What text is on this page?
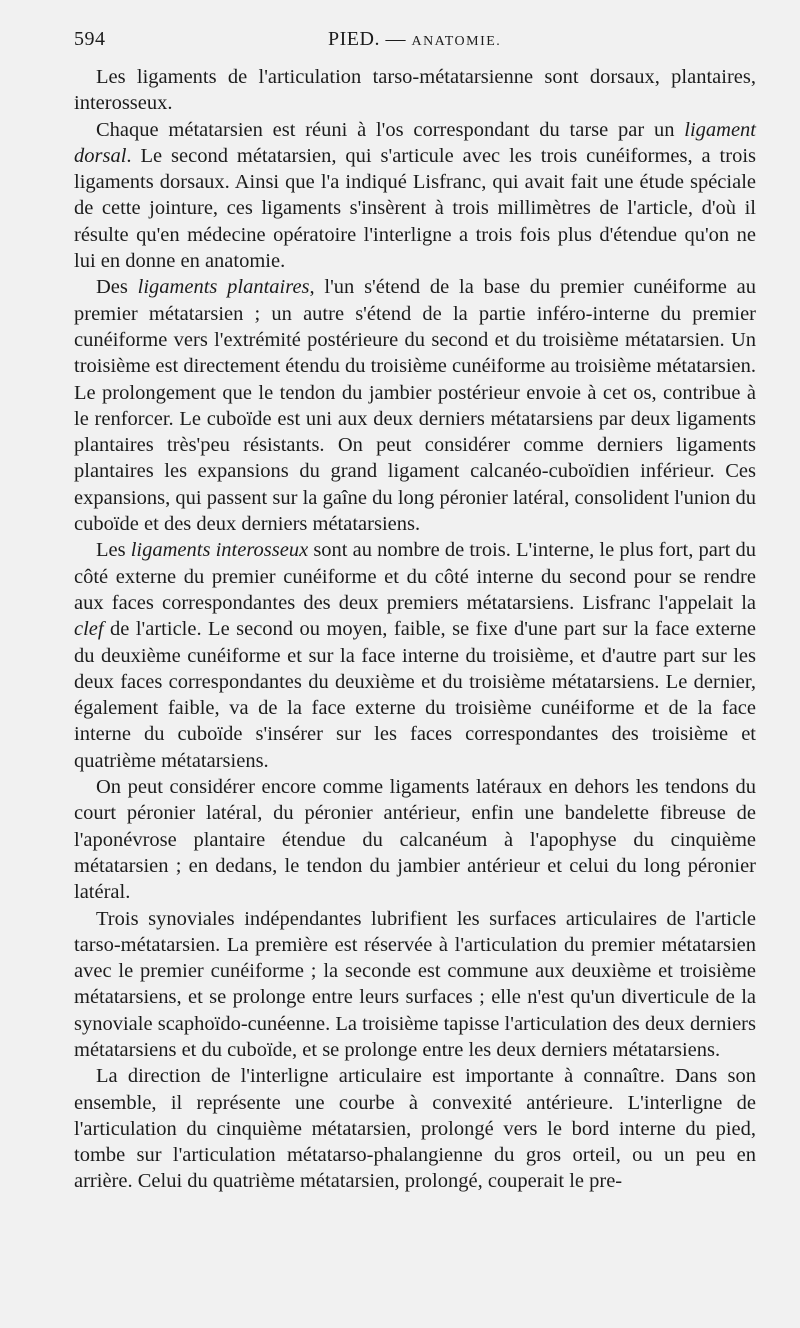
594	PIED. — ANATOMIE.

Les ligaments de l'articulation tarso-métatarsienne sont dorsaux, plantaires, interosseux.

Chaque métatarsien est réuni à l'os correspondant du tarse par un ligament dorsal. Le second métatarsien, qui s'articule avec les trois cunéiformes, a trois ligaments dorsaux. Ainsi que l'a indiqué Lisfranc, qui avait fait une étude spéciale de cette jointure, ces ligaments s'insèrent à trois millimètres de l'article, d'où il résulte qu'en médecine opératoire l'interligne a trois fois plus d'étendue qu'on ne lui en donne en anatomie.

Des ligaments plantaires, l'un s'étend de la base du premier cunéiforme au premier métatarsien ; un autre s'étend de la partie inféro-interne du premier cunéiforme vers l'extrémité postérieure du second et du troisième métatarsien. Un troisième est directement étendu du troisième cunéiforme au troisième métatarsien. Le prolongement que le tendon du jambier postérieur envoie à cet os, contribue à le renforcer. Le cuboïde est uni aux deux derniers métatarsiens par deux ligaments plantaires très'peu résistants. On peut considérer comme derniers ligaments plantaires les expansions du grand ligament calcanéo-cuboïdien inférieur. Ces expansions, qui passent sur la gaîne du long péronier latéral, consolident l'union du cuboïde et des deux derniers métatarsiens.

Les ligaments interosseux sont au nombre de trois. L'interne, le plus fort, part du côté externe du premier cunéiforme et du côté interne du second pour se rendre aux faces correspondantes des deux premiers métatarsiens. Lisfranc l'appelait la clef de l'article. Le second ou moyen, faible, se fixe d'une part sur la face externe du deuxième cunéiforme et sur la face interne du troisième, et d'autre part sur les deux faces correspondantes du deuxième et du troisième métatarsiens. Le dernier, également faible, va de la face externe du troisième cunéiforme et de la face interne du cuboïde s'insérer sur les faces correspondantes des troisième et quatrième métatarsiens.

On peut considérer encore comme ligaments latéraux en dehors les tendons du court péronier latéral, du péronier antérieur, enfin une bandelette fibreuse de l'aponévrose plantaire étendue du calcanéum à l'apophyse du cinquième métatarsien ; en dedans, le tendon du jambier antérieur et celui du long péronier latéral.

Trois synoviales indépendantes lubrifient les surfaces articulaires de l'article tarso-métatarsien. La première est réservée à l'articulation du premier métatarsien avec le premier cunéiforme ; la seconde est commune aux deuxième et troisième métatarsiens, et se prolonge entre leurs surfaces ; elle n'est qu'un diverticule de la synoviale scaphoïdo-cunéenne. La troisième tapisse l'articulation des deux derniers métatarsiens et du cuboïde, et se prolonge entre les deux derniers métatarsiens.

La direction de l'interligne articulaire est importante à connaître. Dans son ensemble, il représente une courbe à convexité antérieure. L'interligne de l'articulation du cinquième métatarsien, prolongé vers le bord interne du pied, tombe sur l'articulation métatarso-phalangienne du gros orteil, ou un peu en arrière. Celui du quatrième métatarsien, prolongé, couperait le pre-
